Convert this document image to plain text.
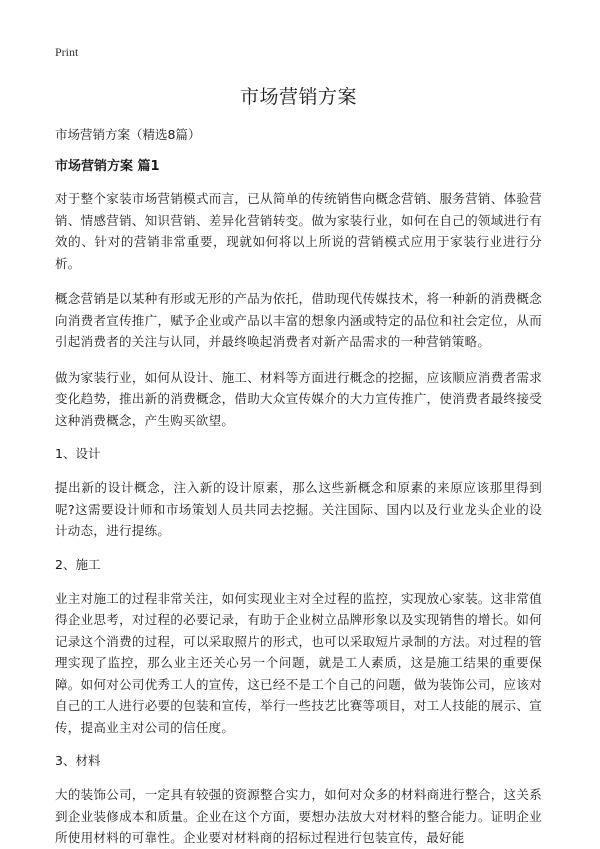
Print
市场营销方案
市场营销方案（精选8篇）
市场营销方案 篇1

对于整个家装市场营销模式而言，已从简单的传统销售向概念营销、服务营销、体验营销、情感营销、知识营销、差异化营销转变。做为家装行业，如何在自己的领域进行有效的、针对的营销非常重要，现就如何将以上所说的营销模式应用于家装行业进行分析。

概念营销是以某种有形或无形的产品为依托，借助现代传媒技术，将一种新的消费概念向消费者宣传推广，赋予企业或产品以丰富的想象内涵或特定的品位和社会定位，从而引起消费者的关注与认同，并最终唤起消费者对新产品需求的一种营销策略。

做为家装行业，如何从设计、施工、材料等方面进行概念的挖掘，应该顺应消费者需求变化趋势，推出新的消费概念，借助大众宣传媒介的大力宣传推广，使消费者最终接受这种消费概念，产生购买欲望。

1、设计

提出新的设计概念，注入新的设计原素，那么这些新概念和原素的来原应该那里得到呢?这需要设计师和市场策划人员共同去挖掘。关注国际、国内以及行业龙头企业的设计动态，进行提练。

2、施工

业主对施工的过程非常关注，如何实现业主对全过程的监控，实现放心家装。这非常值得企业思考，对过程的必要记录，有助于企业树立品牌形象以及实现销售的增长。如何记录这个消费的过程，可以采取照片的形式，也可以采取短片录制的方法。对过程的管理实现了监控，那么业主还关心另一个问题，就是工人素质，这是施工结果的重要保障。如何对公司优秀工人的宣传，这已经不是工个自己的问题，做为装饰公司，应该对自己的工人进行必要的包装和宣传，举行一些技艺比赛等项目，对工人技能的展示、宣传，提高业主对公司的信任度。

3、材料

大的装饰公司，一定具有较强的资源整合实力，如何对众多的材料商进行整合，这关系到企业装修成本和质量。企业在这个方面，要想办法放大对材料的整合能力。证明企业所使用材料的可靠性。企业要对材料商的招标过程进行包装宣传，最好能
